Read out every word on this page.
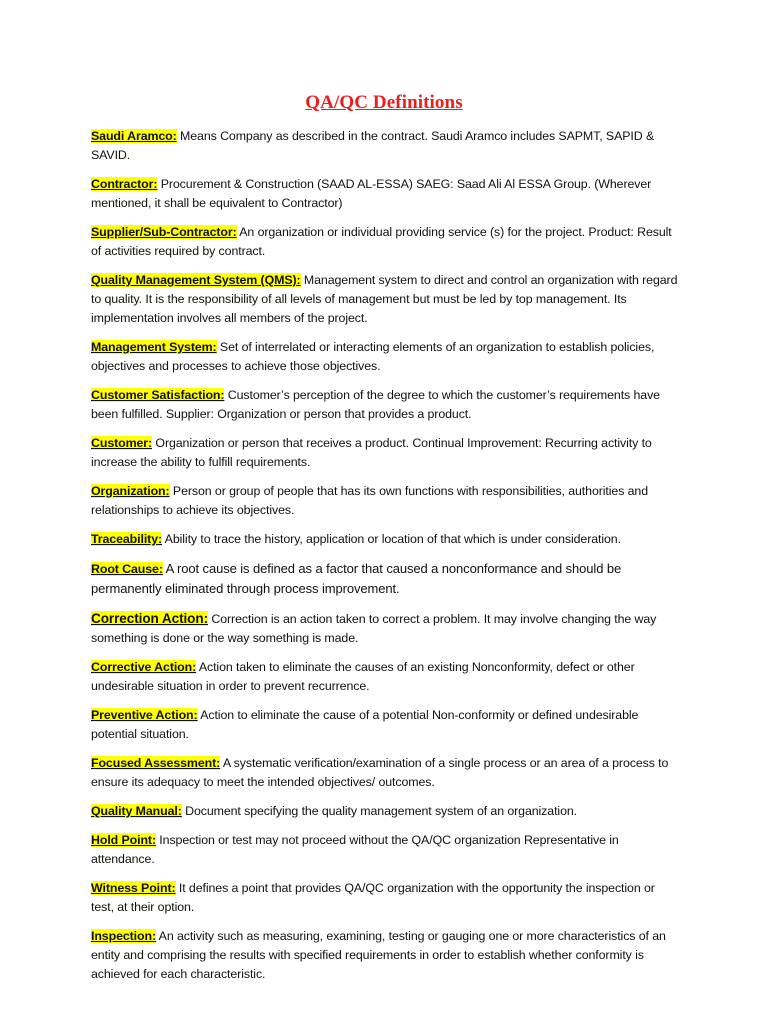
QA/QC Definitions

Saudi Aramco: Means Company as described in the contract. Saudi Aramco includes SAPMT, SAPID & SAVID.

Contractor: Procurement & Construction (SAAD AL-ESSA) SAEG: Saad Ali Al ESSA Group. (Wherever mentioned, it shall be equivalent to Contractor)

Supplier/Sub-Contractor: An organization or individual providing service (s) for the project. Product: Result of activities required by contract.

Quality Management System (QMS): Management system to direct and control an organization with regard to quality. It is the responsibility of all levels of management but must be led by top management. Its implementation involves all members of the project.

Management System: Set of interrelated or interacting elements of an organization to establish policies, objectives and processes to achieve those objectives.

Customer Satisfaction: Customer’s perception of the degree to which the customer’s requirements have been fulfilled. Supplier: Organization or person that provides a product.

Customer: Organization or person that receives a product. Continual Improvement: Recurring activity to increase the ability to fulfill requirements.

Organization: Person or group of people that has its own functions with responsibilities, authorities and relationships to achieve its objectives.

Traceability: Ability to trace the history, application or location of that which is under consideration.

Root Cause: A root cause is defined as a factor that caused a nonconformance and should be permanently eliminated through process improvement.

Correction Action: Correction is an action taken to correct a problem. It may involve changing the way something is done or the way something is made.

Corrective Action: Action taken to eliminate the causes of an existing Nonconformity, defect or other undesirable situation in order to prevent recurrence.

Preventive Action: Action to eliminate the cause of a potential Non-conformity or defined undesirable potential situation.

Focused Assessment: A systematic verification/examination of a single process or an area of a process to ensure its adequacy to meet the intended objectives/ outcomes.

Quality Manual: Document specifying the quality management system of an organization.

Hold Point: Inspection or test may not proceed without the QA/QC organization Representative in attendance.

Witness Point: It defines a point that provides QA/QC organization with the opportunity the inspection or test, at their option.

Inspection: An activity such as measuring, examining, testing or gauging one or more characteristics of an entity and comprising the results with specified requirements in order to establish whether conformity is achieved for each characteristic.
